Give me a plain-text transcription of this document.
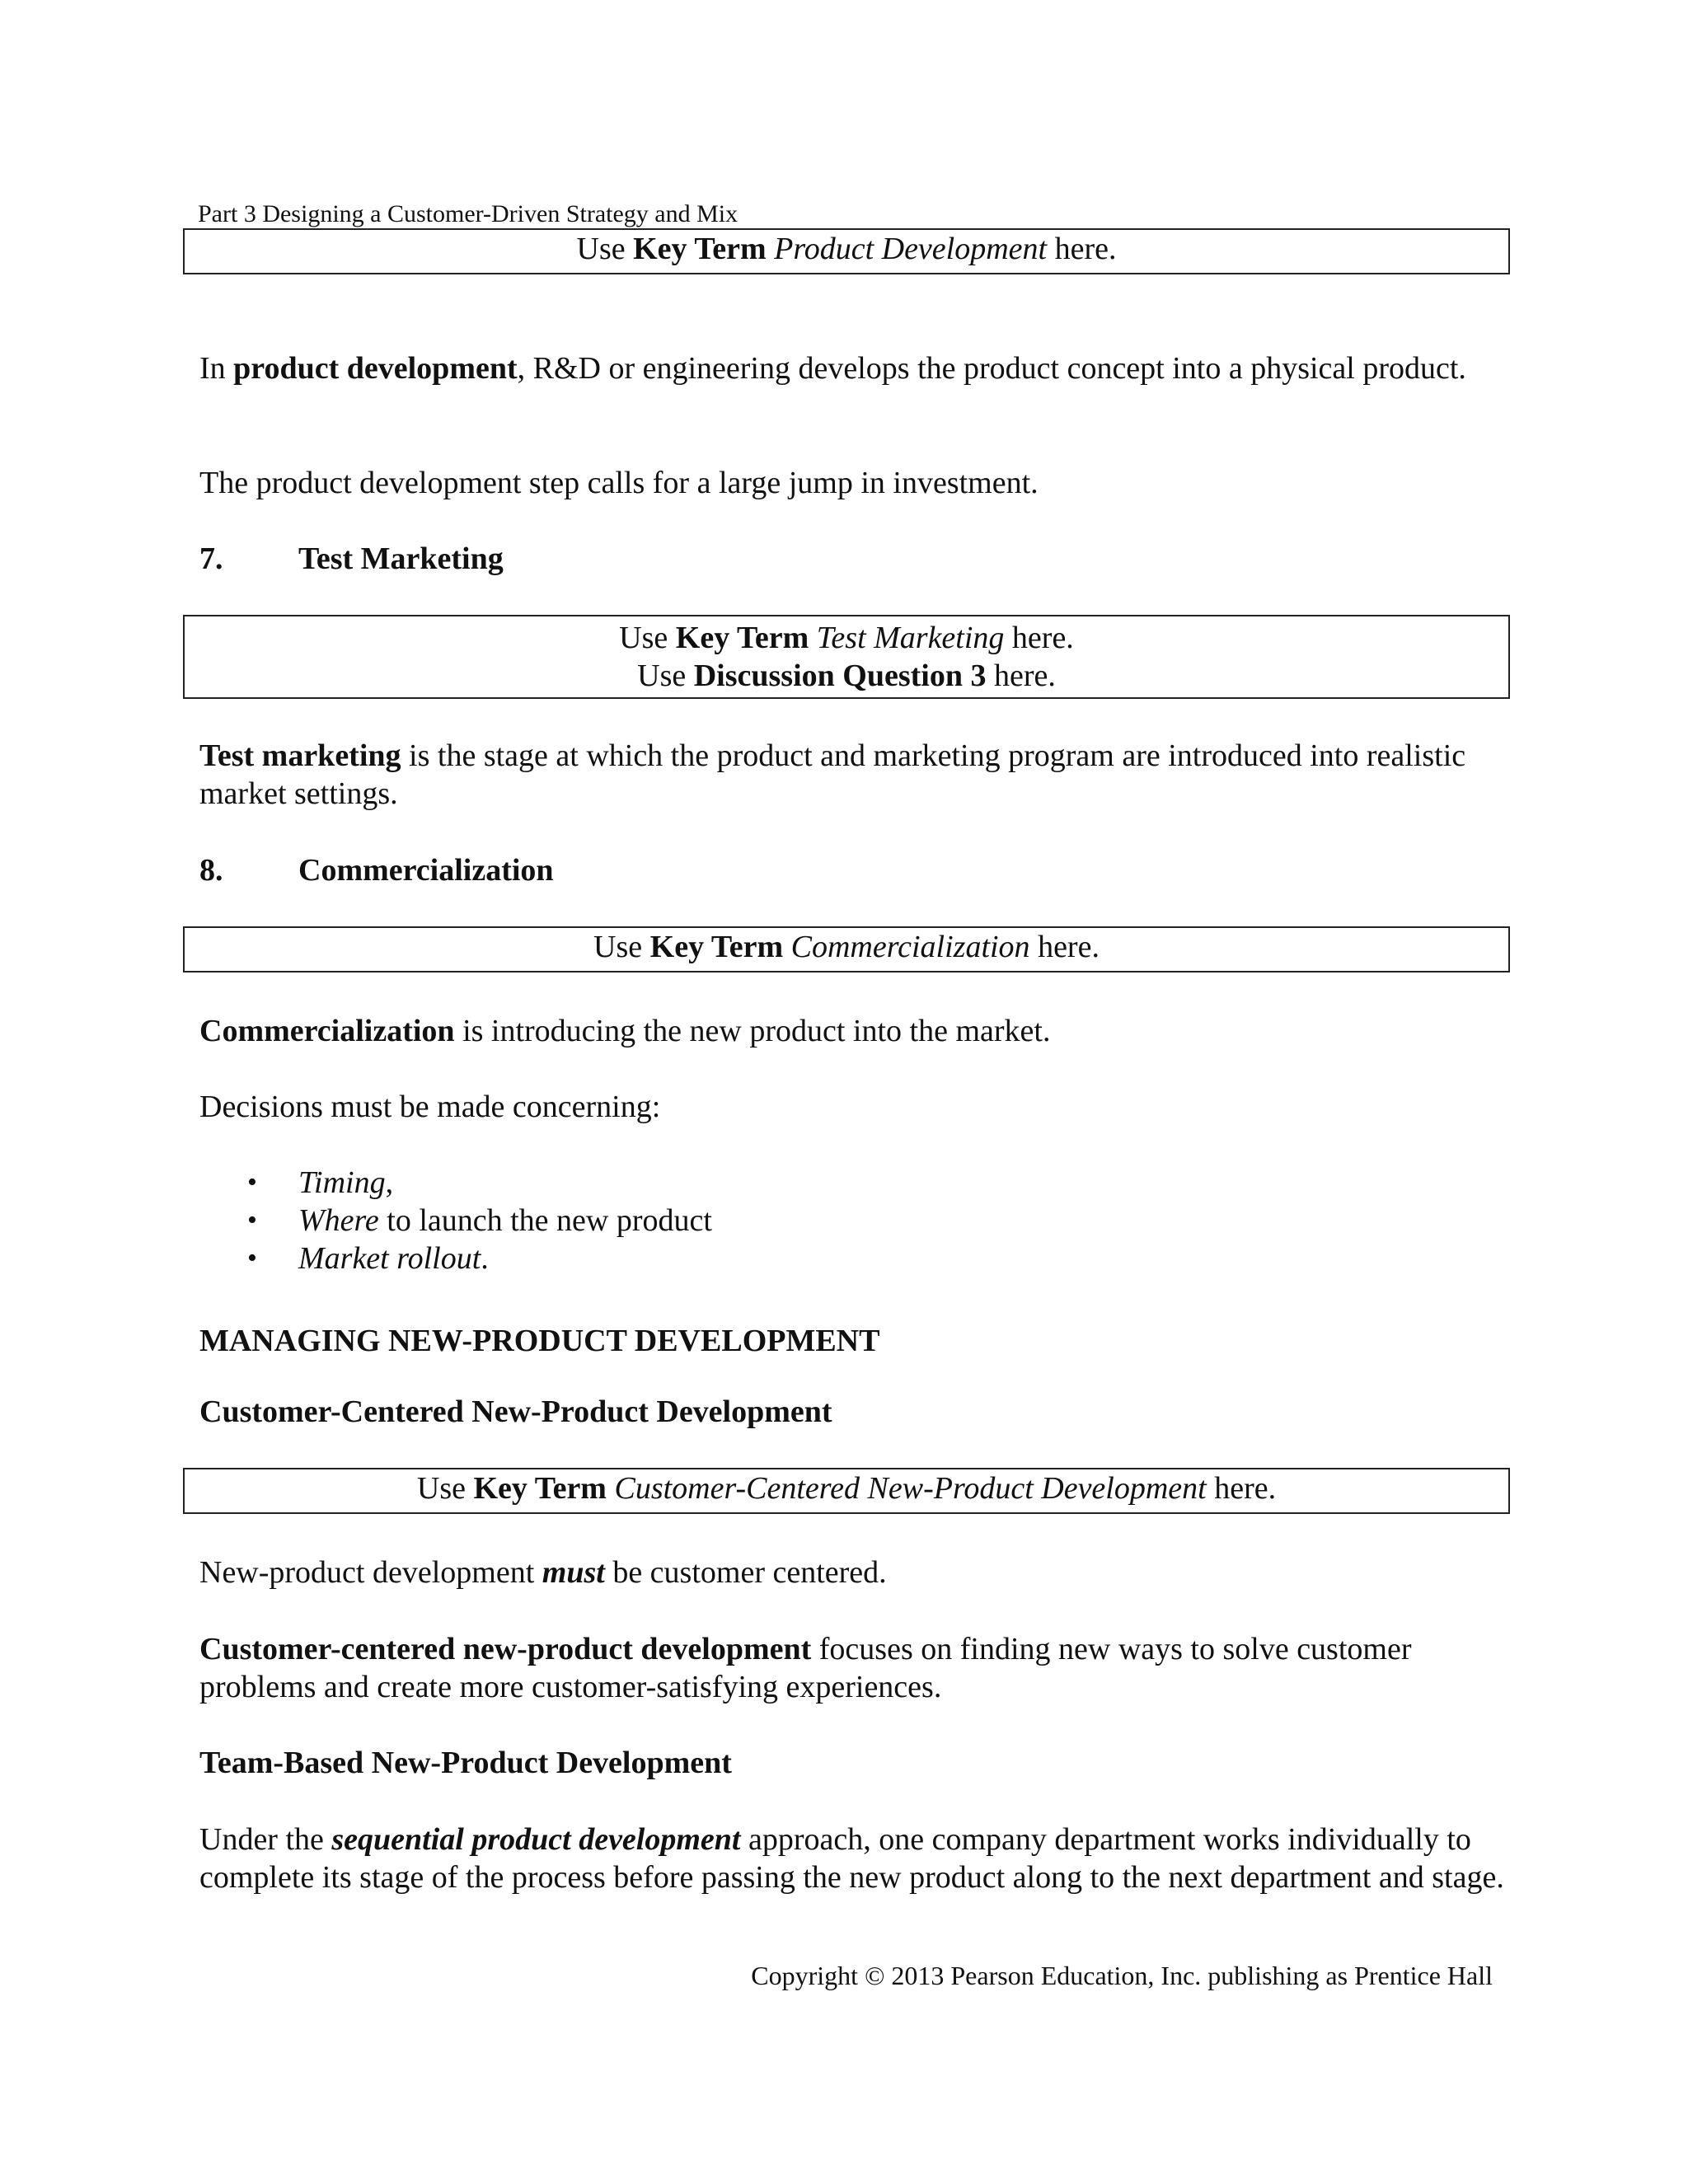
Part 3 Designing a Customer-Driven Strategy and Mix
Use Key Term Product Development here.
In product development, R&D or engineering develops the product concept into a physical product.
The product development step calls for a large jump in investment.
7. Test Marketing
Use Key Term Test Marketing here.
Use Discussion Question 3 here.
Test marketing is the stage at which the product and marketing program are introduced into realistic market settings.
8. Commercialization
Use Key Term Commercialization here.
Commercialization is introducing the new product into the market.
Decisions must be made concerning:
• Timing,
• Where to launch the new product
• Market rollout.
MANAGING NEW-PRODUCT DEVELOPMENT
Customer-Centered New-Product Development
Use Key Term Customer-Centered New-Product Development here.
New-product development must be customer centered.
Customer-centered new-product development focuses on finding new ways to solve customer problems and create more customer-satisfying experiences.
Team-Based New-Product Development
Under the sequential product development approach, one company department works individually to complete its stage of the process before passing the new product along to the next department and stage.
Copyright © 2013 Pearson Education, Inc. publishing as Prentice Hall
